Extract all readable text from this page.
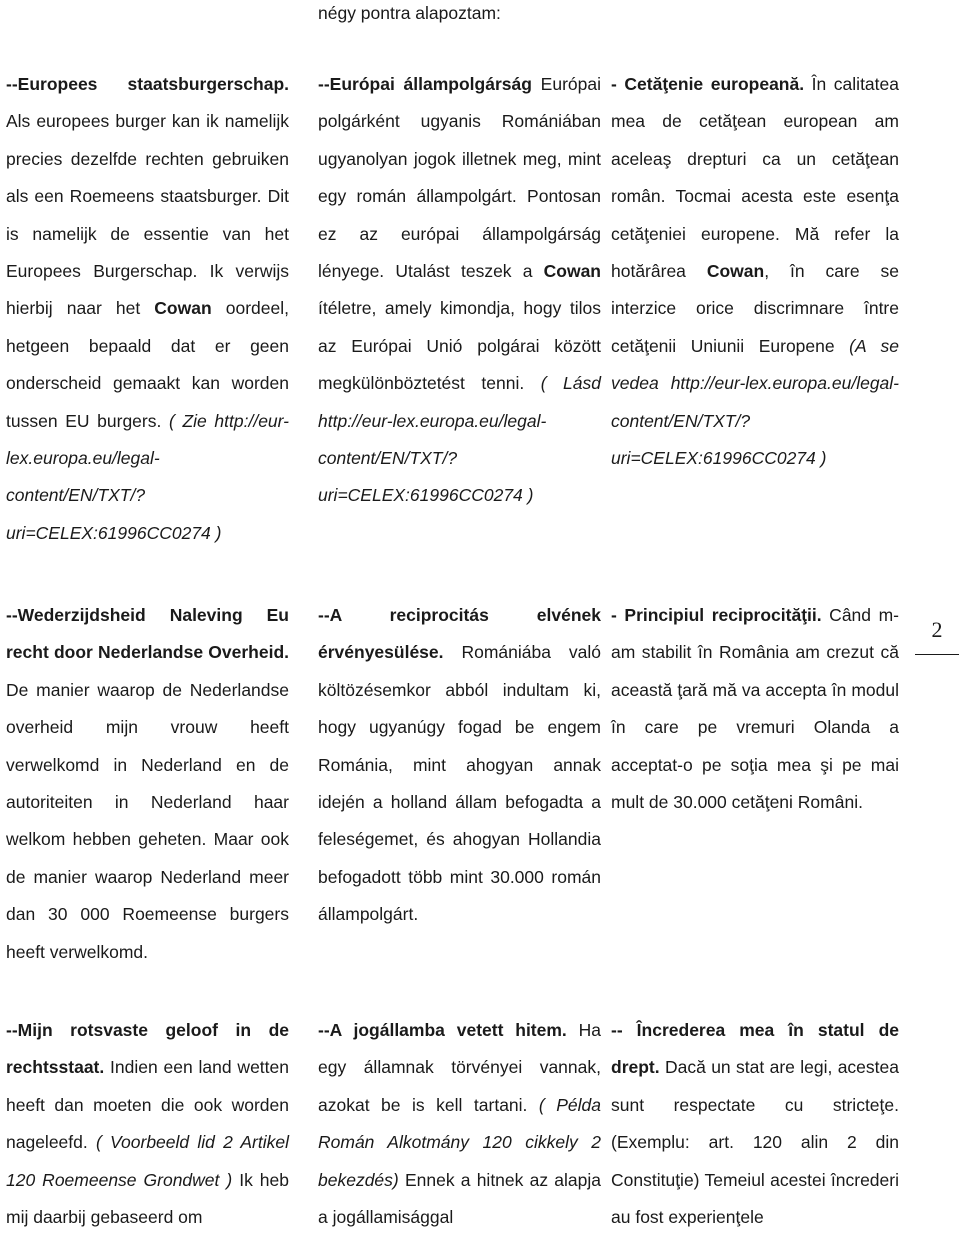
négy pontra alapoztam:
--Europees staatsburgerschap. Als europees burger kan ik namelijk precies dezelfde rechten gebruiken als een Roemeens staatsburger. Dit is namelijk de essentie van het Europees Burgerschap. Ik verwijs hierbij naar het Cowan oordeel, hetgeen bepaald dat er geen onderscheid gemaakt kan worden tussen EU burgers. ( Zie http://eur-lex.europa.eu/legal-content/EN/TXT/?uri=CELEX:61996CC0274 )
--Európai állampolgárság Európai polgárként ugyanis Romániában ugyanolyan jogok illetnek meg, mint egy román állampolgárt. Pontosan ez az európai állampolgárság lényege. Utalást teszek a Cowan ítéletre, amely kimondja, hogy tilos az Európai Unió polgárai között megkülönböztetést tenni. ( Lásd http://eur-lex.europa.eu/legal-content/EN/TXT/?uri=CELEX:61996CC0274 )
- Cetăţenie europeană. În calitatea mea de cetăţean european am aceleaş drepturi ca un cetăţean român. Tocmai acesta este esenţa cetăţeniei europene. Mă refer la hotărârea Cowan, în care se interzice orice discrimnare între cetăţenii Uniunii Europene (A se vedea http://eur-lex.europa.eu/legal-content/EN/TXT/?uri=CELEX:61996CC0274 )
--Wederzijdsheid Naleving Eu recht door Nederlandse Overheid. De manier waarop de Nederlandse overheid mijn vrouw heeft verwelkomd in Nederland en de autoriteiten in Nederland haar welkom hebben geheten. Maar ook de manier waarop Nederland meer dan 30 000 Roemeense burgers heeft verwelkomd.
--A reciprocitás elvének érvényesülése. Romániába való költözésemkor abból indultam ki, hogy ugyanúgy fogad be engem Románia, mint ahogyan annak idején a holland állam befogadta a feleségemet, és ahogyan Hollandia befogadott több mint 30.000 román állampolgárt.
- Principiul reciprocităţii. Când m-am stabilit în România am crezut că această ţară mă va accepta în modul în care pe vremuri Olanda a acceptat-o pe soţia mea şi pe mai mult de 30.000 cetăţeni Români.
2
--Mijn rotsvaste geloof in de rechtsstaat. Indien een land wetten heeft dan moeten die ook worden nageleefd. ( Voorbeeld lid 2 Artikel 120 Roemeense Grondwet ) Ik heb mij daarbij gebaseerd om
--A jogállamba vetett hitem. Ha egy államnak törvényei vannak, azokat be is kell tartani. ( Példa Román Alkotmány 120 cikkely 2 bekezdés) Ennek a hitnek az alapja a jogállamisággal
-- Încrederea mea în statul de drept. Dacă un stat are legi, acestea sunt respectate cu stricteţe. (Exemplu: art. 120 alin 2 din Constituţie) Temeiul acestei încrederi au fost experienţele
